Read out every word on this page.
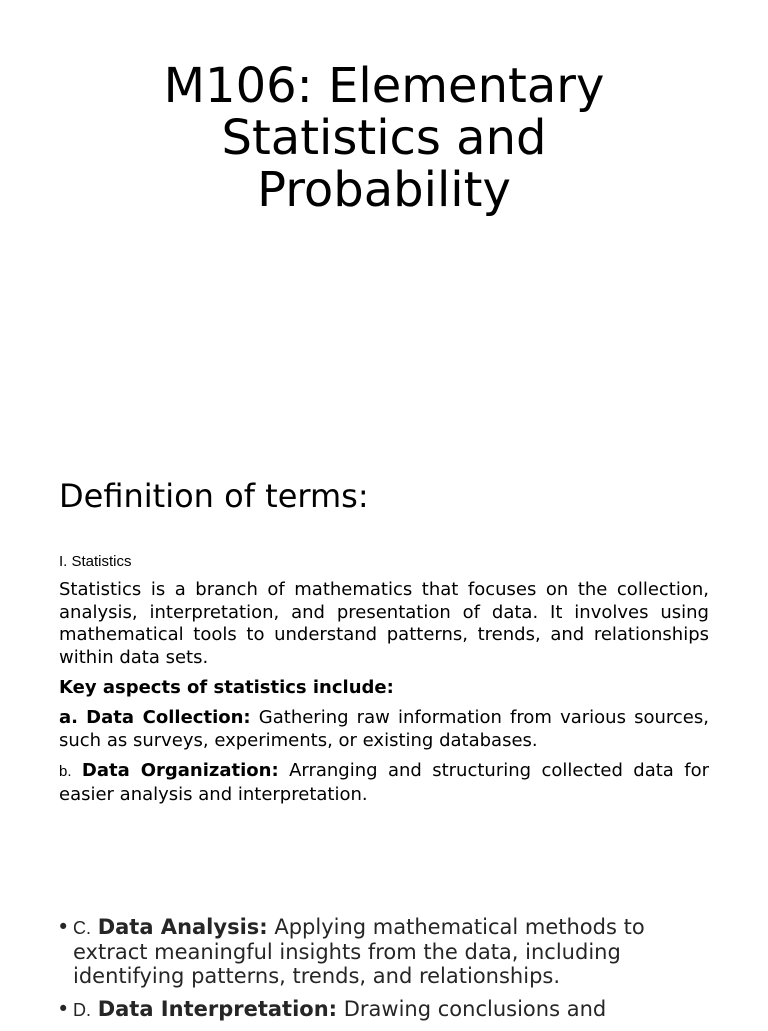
M106: Elementary
Statistics and
Probability
Definition of terms:
I. Statistics
Statistics is a branch of mathematics that focuses on the collection, analysis, interpretation, and presentation of data. It involves using mathematical tools to understand patterns, trends, and relationships within data sets.
Key aspects of statistics include:
a. Data Collection: Gathering raw information from various sources, such as surveys, experiments, or existing databases.
b. Data Organization: Arranging and structuring collected data for easier analysis and interpretation.
• C. Data Analysis: Applying mathematical methods to extract meaningful insights from the data, including identifying patterns, trends, and relationships.
• D. Data Interpretation: Drawing conclusions and
